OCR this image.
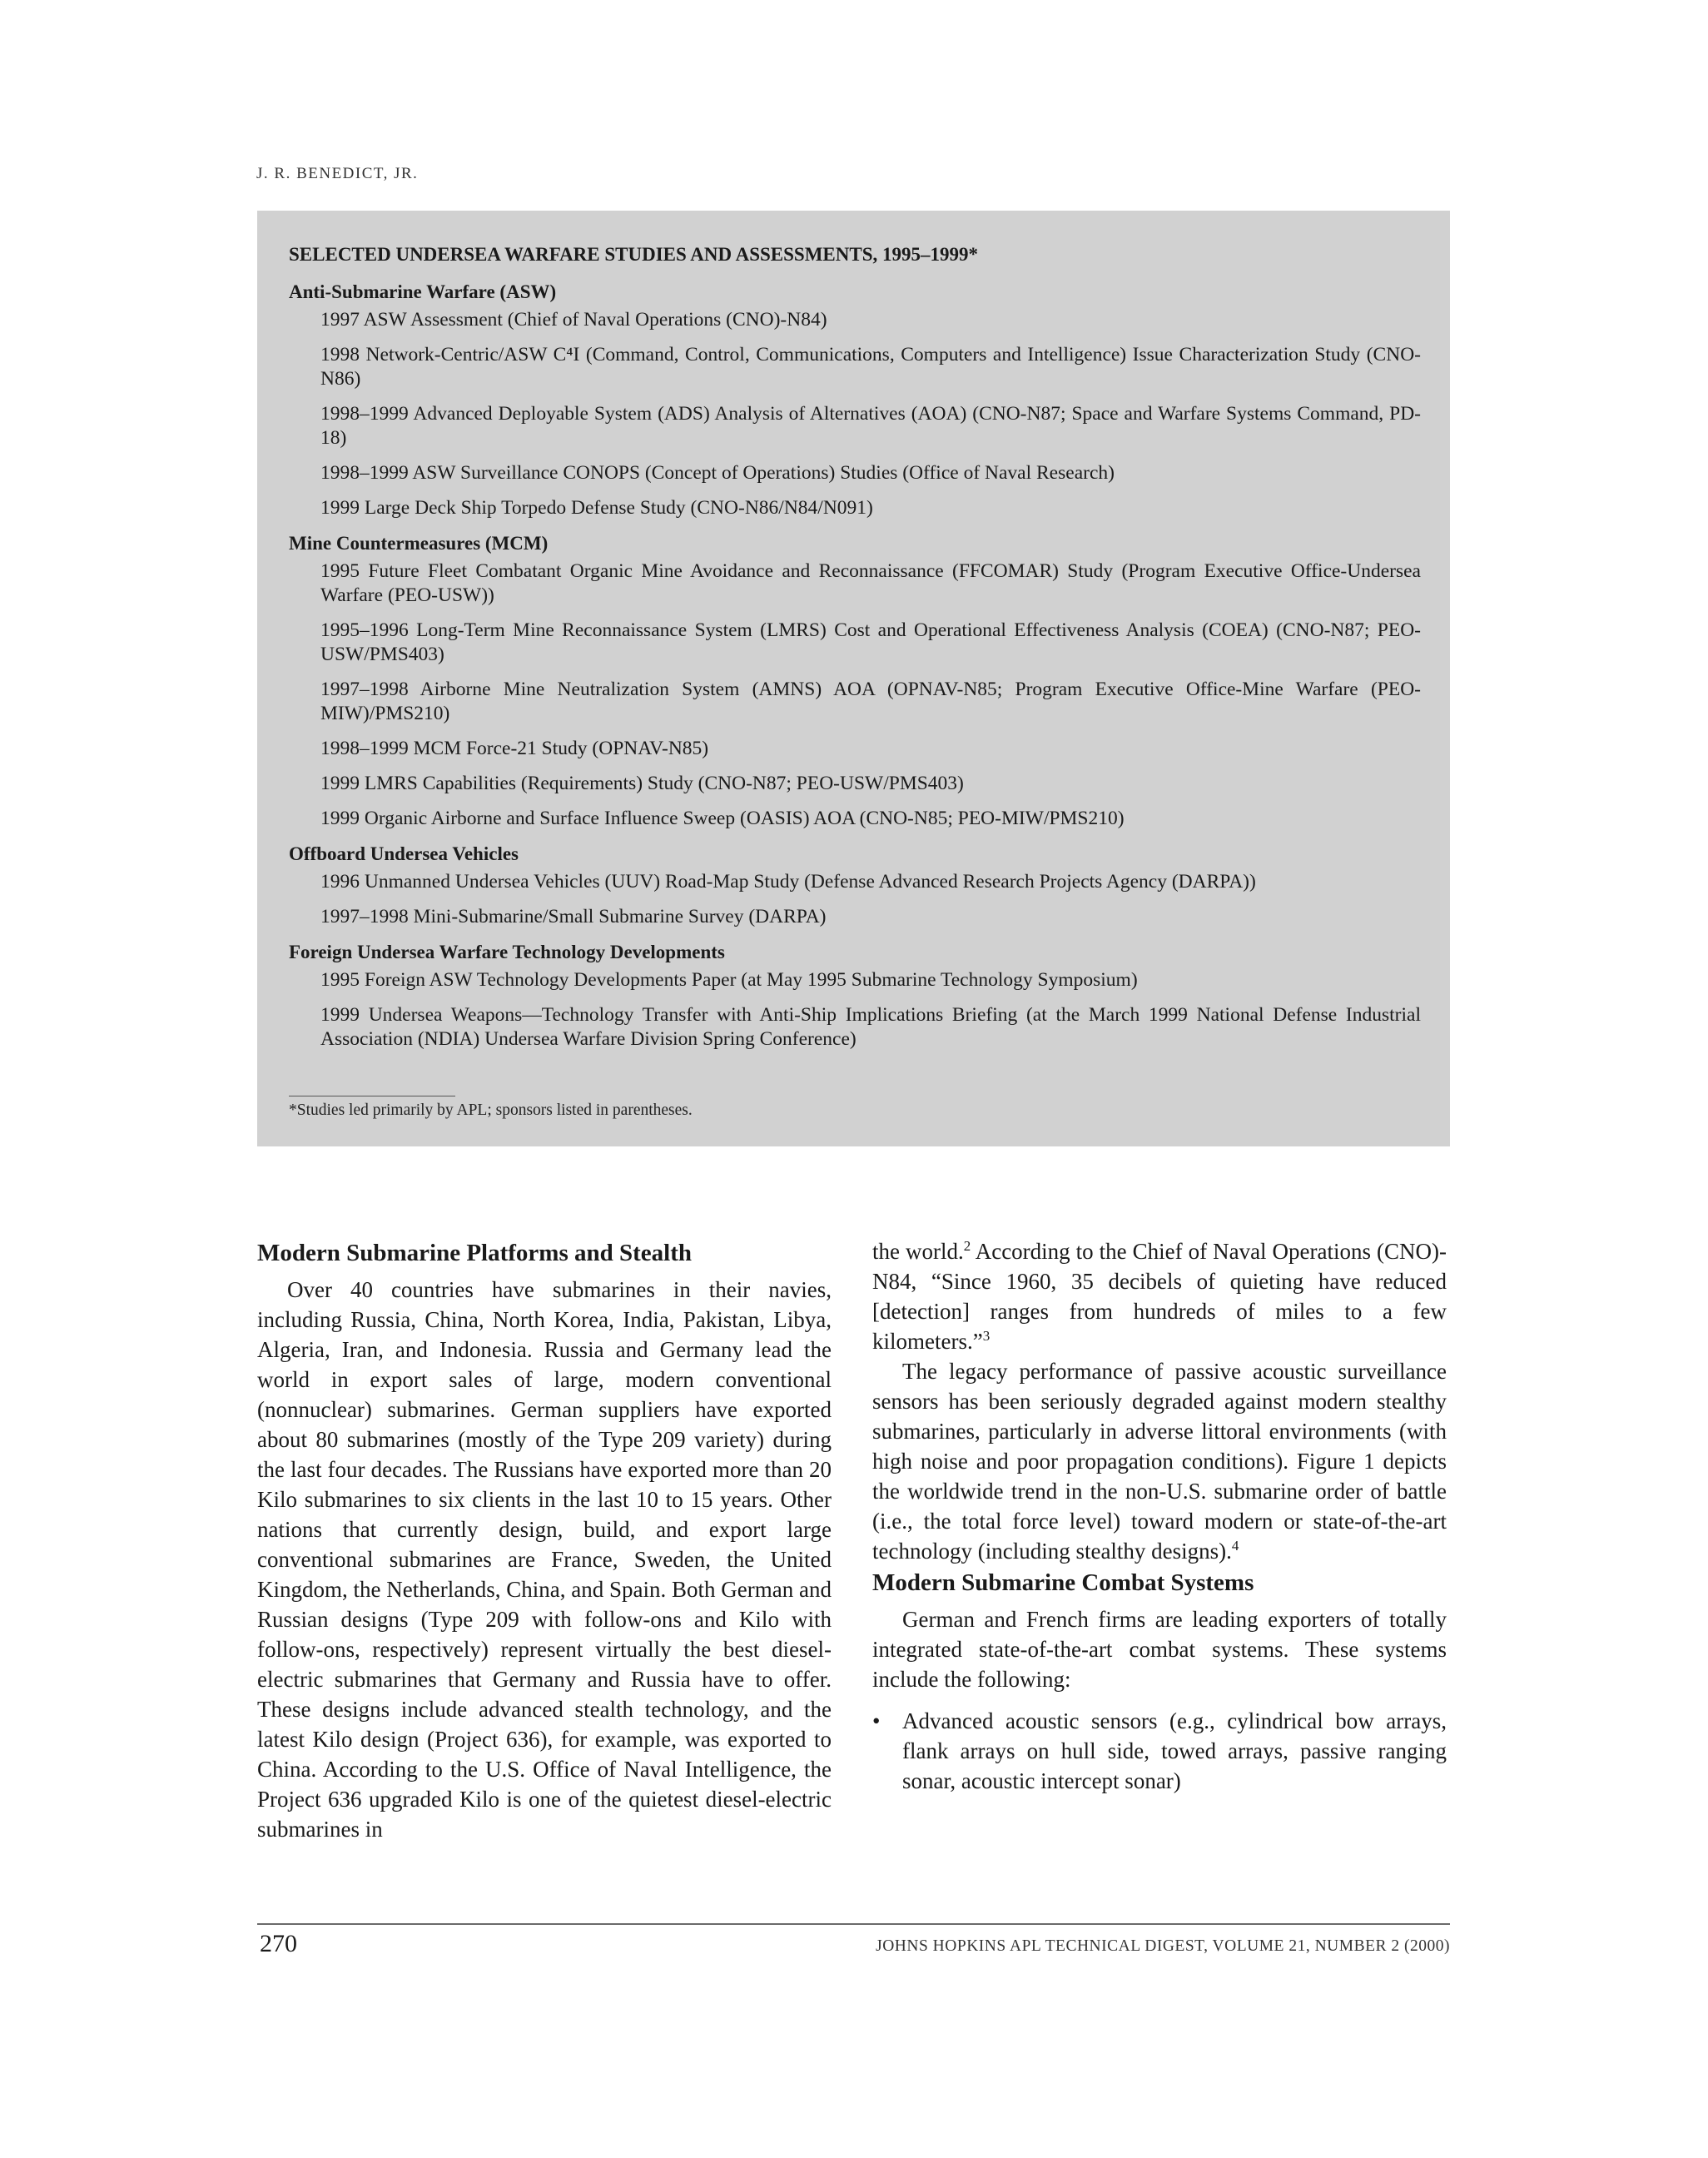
J. R. BENEDICT, JR.
SELECTED UNDERSEA WARFARE STUDIES AND ASSESSMENTS, 1995–1999*
Anti-Submarine Warfare (ASW)
1997 ASW Assessment (Chief of Naval Operations (CNO)-N84)
1998 Network-Centric/ASW C⁴I (Command, Control, Communications, Computers and Intelligence) Issue Characterization Study (CNO-N86)
1998–1999 Advanced Deployable System (ADS) Analysis of Alternatives (AOA) (CNO-N87; Space and Warfare Systems Command, PD-18)
1998–1999 ASW Surveillance CONOPS (Concept of Operations) Studies (Office of Naval Research)
1999 Large Deck Ship Torpedo Defense Study (CNO-N86/N84/N091)
Mine Countermeasures (MCM)
1995 Future Fleet Combatant Organic Mine Avoidance and Reconnaissance (FFCOMAR) Study (Program Executive Office-Undersea Warfare (PEO-USW))
1995–1996 Long-Term Mine Reconnaissance System (LMRS) Cost and Operational Effectiveness Analysis (COEA) (CNO-N87; PEO-USW/PMS403)
1997–1998 Airborne Mine Neutralization System (AMNS) AOA (OPNAV-N85; Program Executive Office-Mine Warfare (PEO-MIW)/PMS210)
1998–1999 MCM Force-21 Study (OPNAV-N85)
1999 LMRS Capabilities (Requirements) Study (CNO-N87; PEO-USW/PMS403)
1999 Organic Airborne and Surface Influence Sweep (OASIS) AOA (CNO-N85; PEO-MIW/PMS210)
Offboard Undersea Vehicles
1996 Unmanned Undersea Vehicles (UUV) Road-Map Study (Defense Advanced Research Projects Agency (DARPA))
1997–1998 Mini-Submarine/Small Submarine Survey (DARPA)
Foreign Undersea Warfare Technology Developments
1995 Foreign ASW Technology Developments Paper (at May 1995 Submarine Technology Symposium)
1999 Undersea Weapons—Technology Transfer with Anti-Ship Implications Briefing (at the March 1999 National Defense Industrial Association (NDIA) Undersea Warfare Division Spring Conference)
*Studies led primarily by APL; sponsors listed in parentheses.
Modern Submarine Platforms and Stealth

Over 40 countries have submarines in their navies, including Russia, China, North Korea, India, Pakistan, Libya, Algeria, Iran, and Indonesia. Russia and Germany lead the world in export sales of large, modern conventional (nonnuclear) submarines. German suppliers have exported about 80 submarines (mostly of the Type 209 variety) during the last four decades. The Russians have exported more than 20 Kilo submarines to six clients in the last 10 to 15 years. Other nations that currently design, build, and export large conventional submarines are France, Sweden, the United Kingdom, the Netherlands, China, and Spain. Both German and Russian designs (Type 209 with follow-ons and Kilo with follow-ons, respectively) represent virtually the best diesel-electric submarines that Germany and Russia have to offer. These designs include advanced stealth technology, and the latest Kilo design (Project 636), for example, was exported to China. According to the U.S. Office of Naval Intelligence, the Project 636 upgraded Kilo is one of the quietest diesel-electric submarines in

the world.$^2$ According to the Chief of Naval Operations (CNO)-N84, “Since 1960, 35 decibels of quieting have reduced [detection] ranges from hundreds of miles to a few kilometers.”$^3$

The legacy performance of passive acoustic surveillance sensors has been seriously degraded against modern stealthy submarines, particularly in adverse littoral environments (with high noise and poor propagation conditions). Figure 1 depicts the worldwide trend in the non-U.S. submarine order of battle (i.e., the total force level) toward modern or state-of-the-art technology (including stealthy designs).$^4$

Modern Submarine Combat Systems

German and French firms are leading exporters of totally integrated state-of-the-art combat systems. These systems include the following:

• Advanced acoustic sensors (e.g., cylindrical bow arrays, flank arrays on hull side, towed arrays, passive ranging sonar, acoustic intercept sonar)
270	JOHNS HOPKINS APL TECHNICAL DIGEST, VOLUME 21, NUMBER 2 (2000)
